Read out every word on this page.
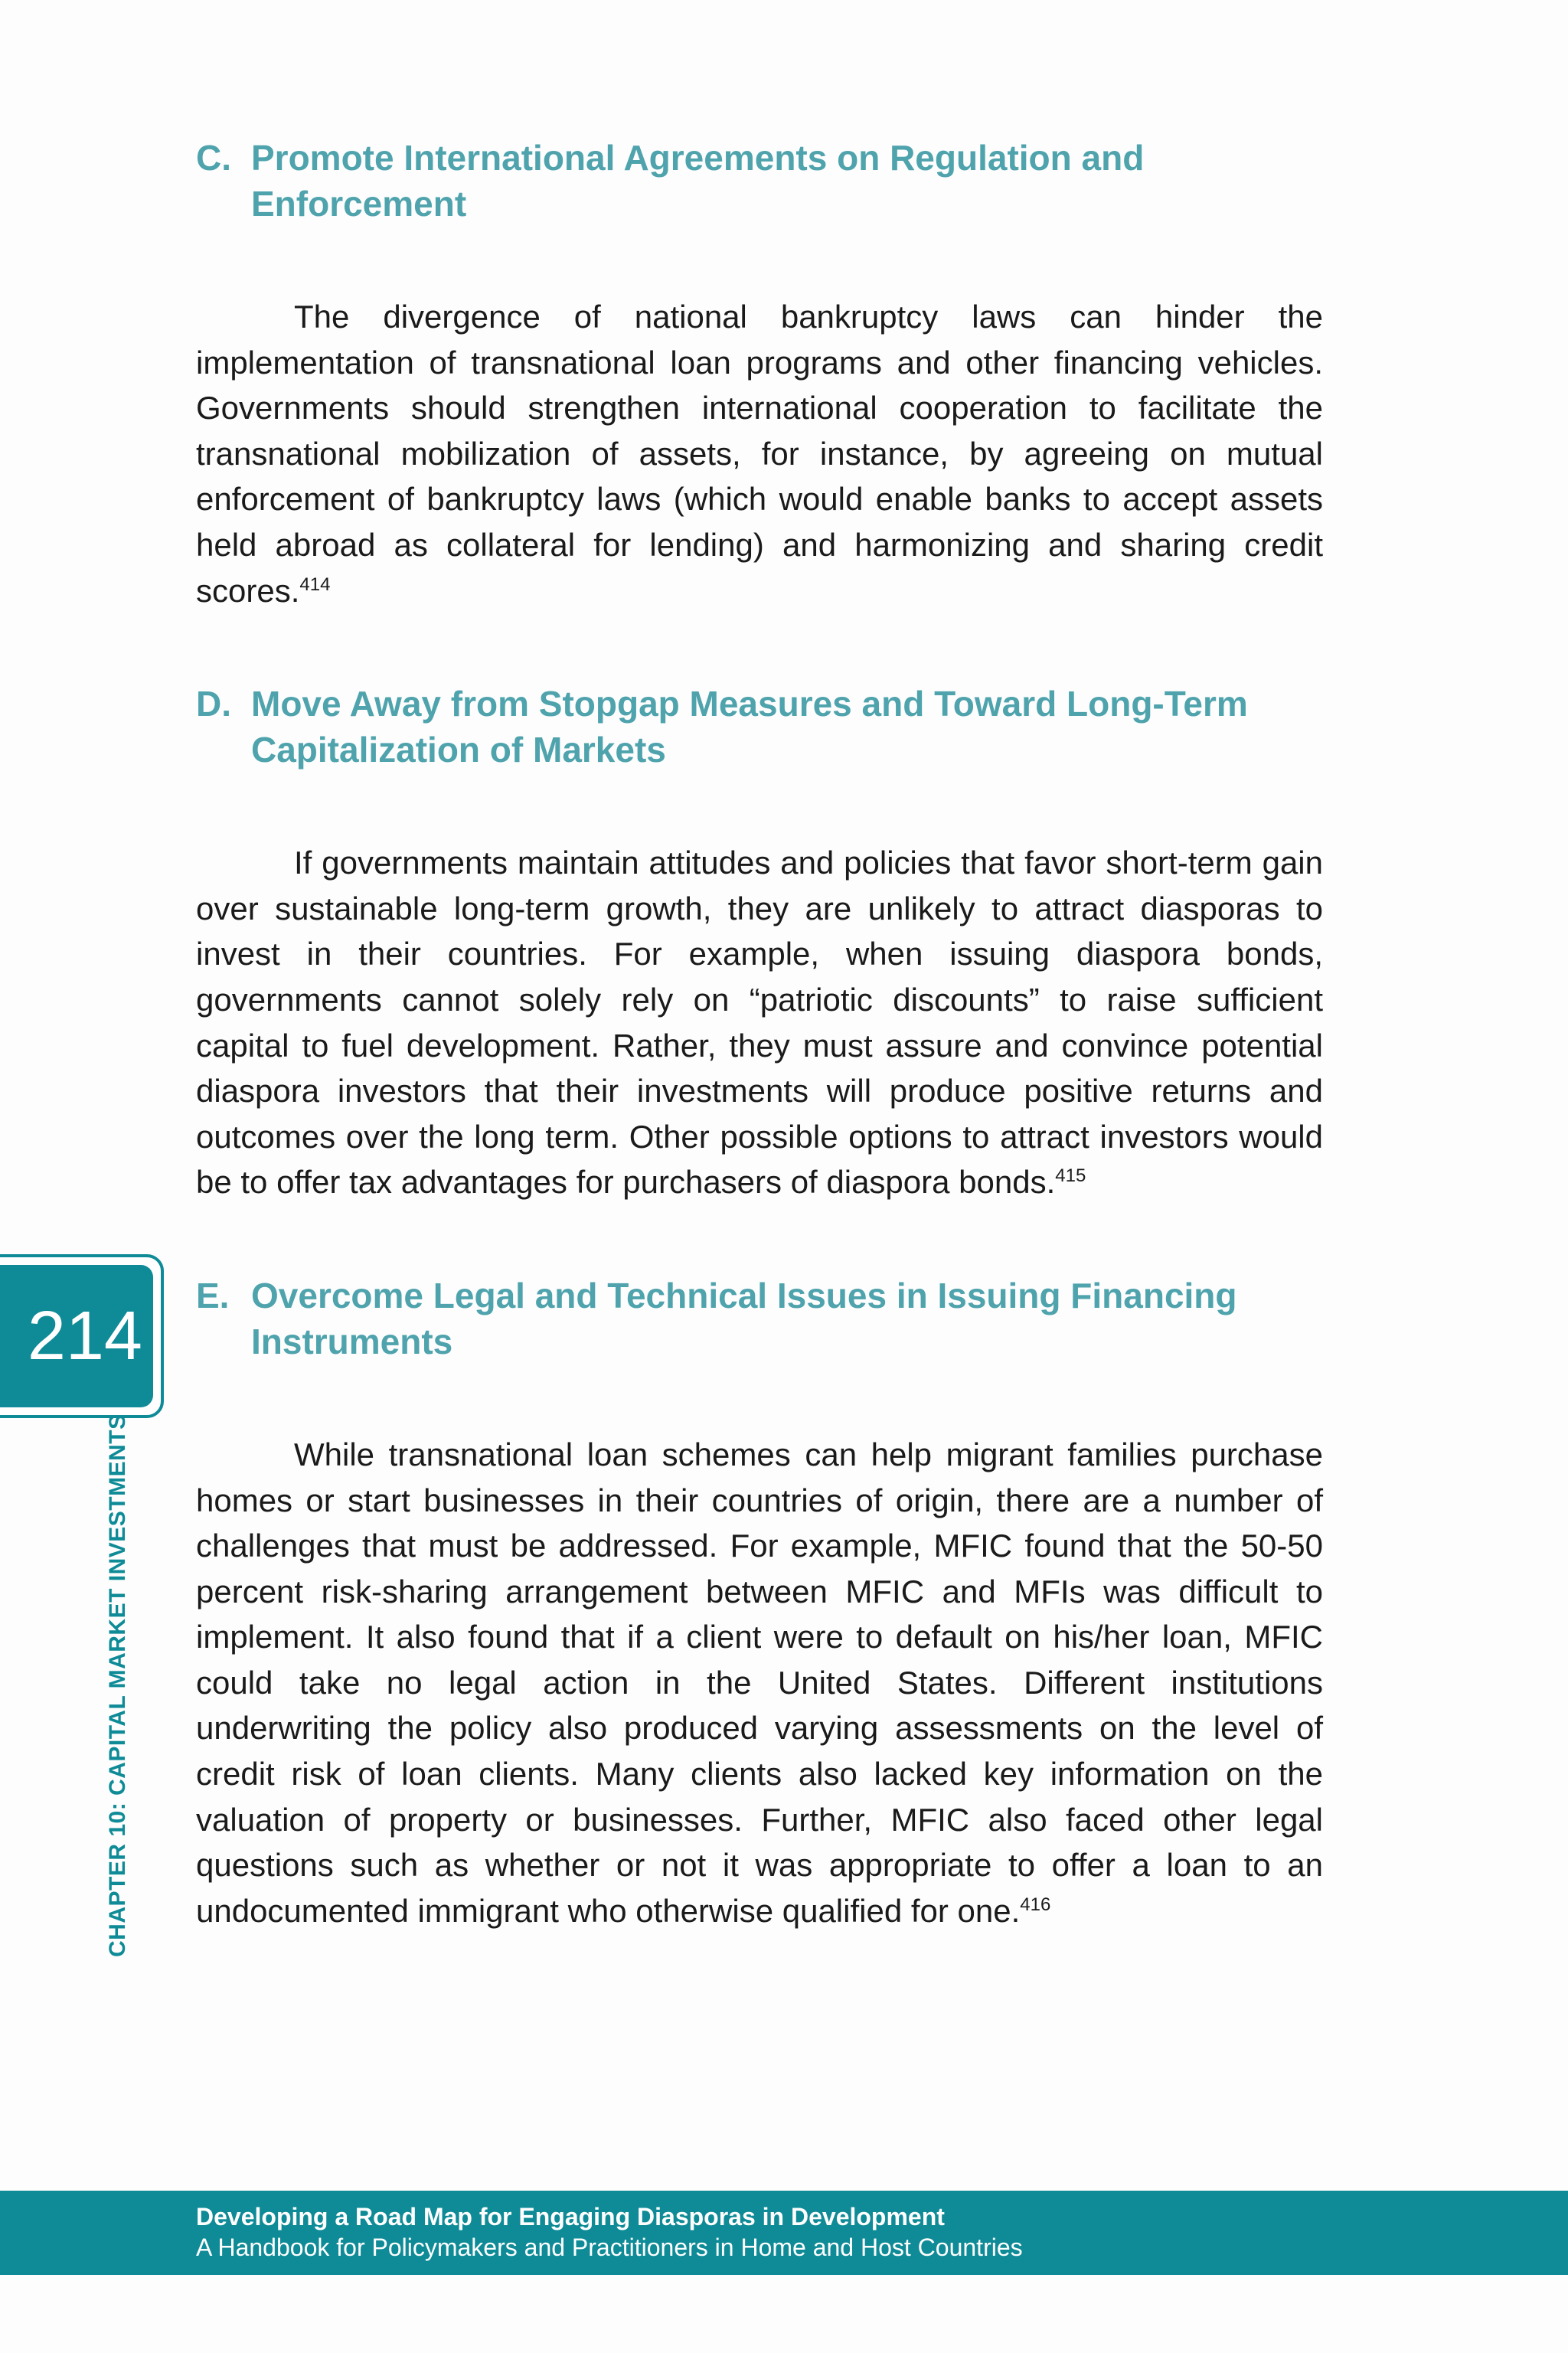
C. Promote International Agreements on Regulation and Enforcement

The divergence of national bankruptcy laws can hinder the implementation of transnational loan programs and other financing vehicles. Governments should strengthen international cooperation to facilitate the transnational mobilization of assets, for instance, by agreeing on mutual enforcement of bankruptcy laws (which would enable banks to accept assets held abroad as collateral for lending) and harmonizing and sharing credit scores.$^{414}$

D. Move Away from Stopgap Measures and Toward Long-Term Capitalization of Markets

If governments maintain attitudes and policies that favor short-term gain over sustainable long-term growth, they are unlikely to attract diasporas to invest in their countries. For example, when issuing diaspora bonds, governments cannot solely rely on “patriotic discounts” to raise sufficient capital to fuel development. Rather, they must assure and convince potential diaspora investors that their investments will produce positive returns and outcomes over the long term. Other possible options to attract investors would be to offer tax advantages for purchasers of diaspora bonds.$^{415}$

E. Overcome Legal and Technical Issues in Issuing Financing Instruments

While transnational loan schemes can help migrant families purchase homes or start businesses in their countries of origin, there are a number of challenges that must be addressed. For example, MFIC found that the 50-50 percent risk-sharing arrangement between MFIC and MFIs was difficult to implement. It also found that if a client were to default on his/her loan, MFIC could take no legal action in the United States. Different institutions underwriting the policy also produced varying assessments on the level of credit risk of loan clients. Many clients also lacked key information on the valuation of property or businesses. Further, MFIC also faced other legal questions such as whether or not it was appropriate to offer a loan to an undocumented immigrant who otherwise qualified for one.$^{416}$

214
CHAPTER 10: CAPITAL MARKET INVESTMENTS
Developing a Road Map for Engaging Diasporas in Development
A Handbook for Policymakers and Practitioners in Home and Host Countries
